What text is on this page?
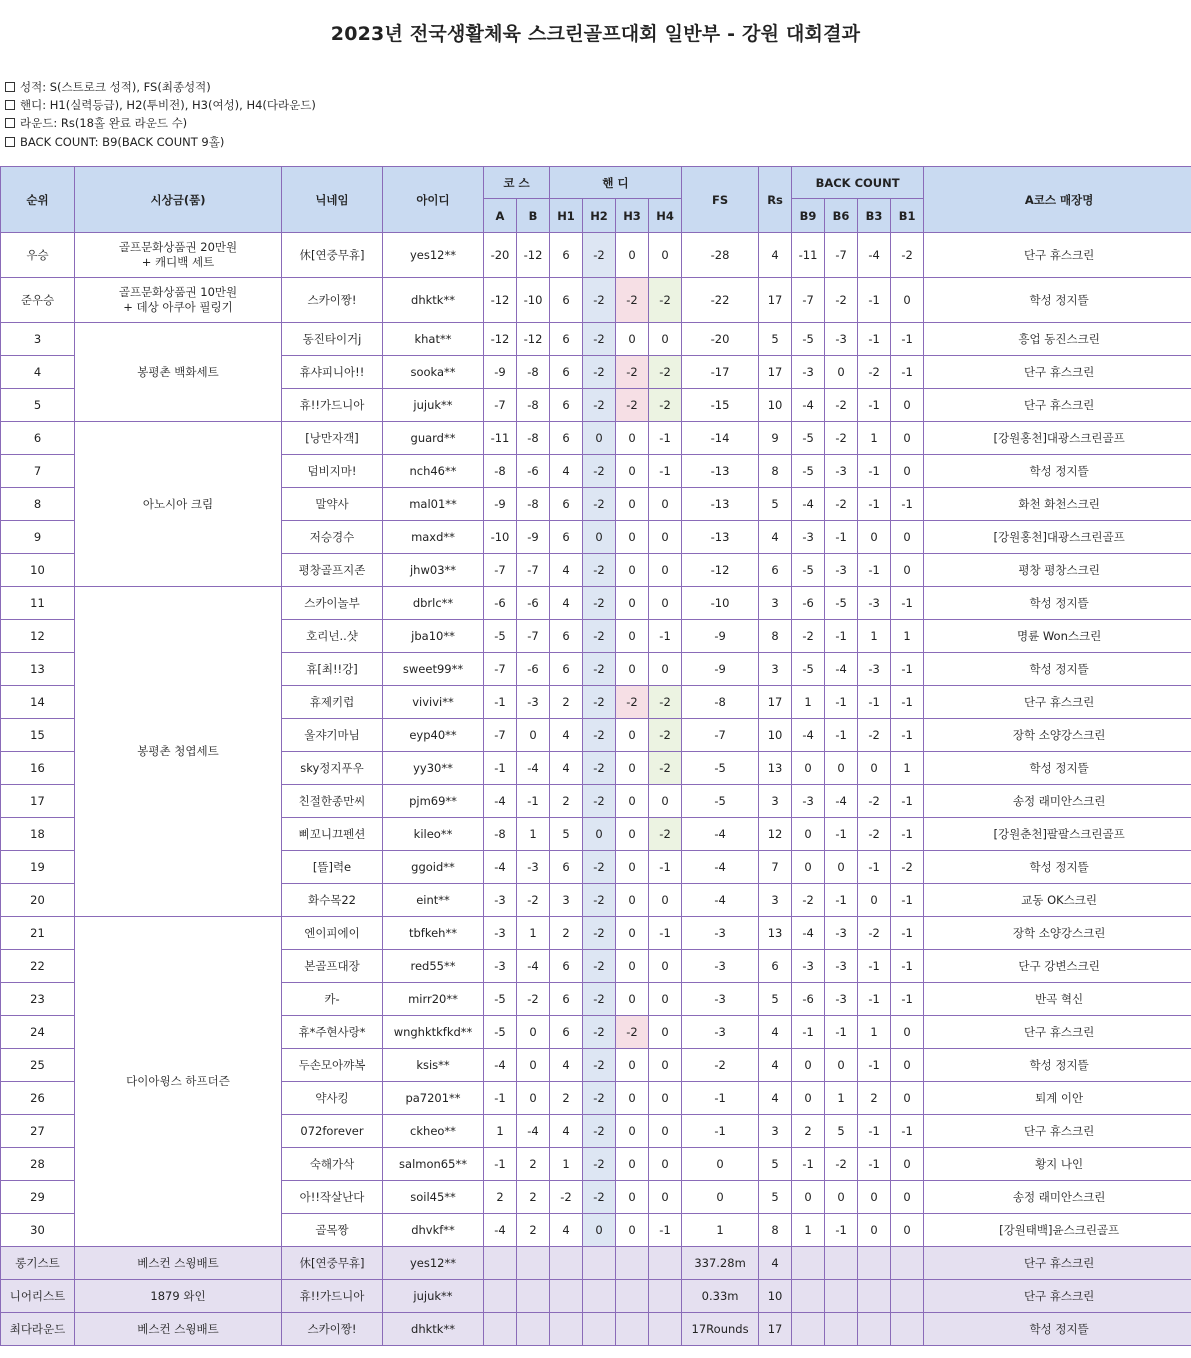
2023년 전국생활체육 스크린골프대회 일반부 - 강원 대회결과
성적: S(스트로크 성적), FS(최종성적)
핸디: H1(실력등급), H2(투비전), H3(여성), H4(다라운드)
라운드: Rs(18홀 완료 라운드 수)
BACK COUNT: B9(BACK COUNT 9홀)
순위	시상금(품)	닉네임	아이디	코 스		핸 디				FS	Rs	BACK COUNT				A코스 매장명
				A	B	H1	H2	H3	H4			B9	B6	B3	B1	
우승	골프문화상품권 20만원
+ 캐디백 세트	休[연중무휴]	yes12**	-20	-12	6	-2	0	0	-28	4	-11	-7	-4	-2	단구 휴스크린
준우승	골프문화상품권 10만원
+ 데상 아쿠아 필링기	스카이짱!	dhktk**	-12	-10	6	-2	-2	-2	-22	17	-7	-2	-1	0	학성 정지뜰
3	봉평촌 백화세트	동진타이거j	khat**	-12	-12	6	-2	0	0	-20	5	-5	-3	-1	-1	흥업 동진스크린
4		휴샤피니아!!	sooka**	-9	-8	6	-2	-2	-2	-17	17	-3	0	-2	-1	단구 휴스크린
5		휴!!가드니아	jujuk**	-7	-8	6	-2	-2	-2	-15	10	-4	-2	-1	0	단구 휴스크린
6	아노시아 크림	[낭만자객]	guard**	-11	-8	6	0	0	-1	-14	9	-5	-2	1	0	[강원홍천]대광스크린골프
7		덤비지마!	nch46**	-8	-6	4	-2	0	-1	-13	8	-5	-3	-1	0	학성 정지뜰
8		말약사	mal01**	-9	-8	6	-2	0	0	-13	5	-4	-2	-1	-1	화천 화천스크린
9		저승경수	maxd**	-10	-9	6	0	0	0	-13	4	-3	-1	0	0	[강원홍천]대광스크린골프
10		평창골프지존	jhw03**	-7	-7	4	-2	0	0	-12	6	-5	-3	-1	0	평창 평창스크린
11	봉평촌 청엽세트	스카이놀부	dbrlc**	-6	-6	4	-2	0	0	-10	3	-6	-5	-3	-1	학성 정지뜰
12		호리넌..샷	jba10**	-5	-7	6	-2	0	-1	-9	8	-2	-1	1	1	명륜 Won스크린
13		휴[최!!강]	sweet99**	-7	-6	6	-2	0	0	-9	3	-5	-4	-3	-1	학성 정지뜰
14		휴제키럽	vivivi**	-1	-3	2	-2	-2	-2	-8	17	1	-1	-1	-1	단구 휴스크린
15		울쟈기마님	eyp40**	-7	0	4	-2	0	-2	-7	10	-4	-1	-2	-1	장학 소양강스크린
16		sky정지푸우	yy30**	-1	-4	4	-2	0	-2	-5	13	0	0	0	1	학성 정지뜰
17		친절한종만씨	pjm69**	-4	-1	2	-2	0	0	-5	3	-3	-4	-2	-1	송정 래미안스크린
18		삐꼬니끄펜션	kileo**	-8	1	5	0	0	-2	-4	12	0	-1	-2	-1	[강원춘천]팔팔스크린골프
19		[뜰]력e	ggoid**	-4	-3	6	-2	0	-1	-4	7	0	0	-1	-2	학성 정지뜰
20		화수목22	eint**	-3	-2	3	-2	0	0	-4	3	-2	-1	0	-1	교동 OK스크린
21	다이아윙스 하프더즌	엔이피에이	tbfkeh**	-3	1	2	-2	0	-1	-3	13	-4	-3	-2	-1	장학 소양강스크린
22		본골프대장	red55**	-3	-4	6	-2	0	0	-3	6	-3	-3	-1	-1	단구 강변스크린
23		카-	mirr20**	-5	-2	6	-2	0	0	-3	5	-6	-3	-1	-1	반곡 혁신
24		휴*주현사랑*	wnghktkfkd**	-5	0	6	-2	-2	0	-3	4	-1	-1	1	0	단구 휴스크린
25		두손모아꺄복	ksis**	-4	0	4	-2	0	0	-2	4	0	0	-1	0	학성 정지뜰
26		약사킹	pa7201**	-1	0	2	-2	0	0	-1	4	0	1	2	0	퇴계 이안
27		072forever	ckheo**	1	-4	4	-2	0	0	-1	3	2	5	-1	-1	단구 휴스크린
28		숙해가삭	salmon65**	-1	2	1	-2	0	0	0	5	-1	-2	-1	0	황지 나인
29		아!!작살난다	soil45**	2	2	-2	-2	0	0	0	5	0	0	0	0	송정 래미안스크린
30		골목짱	dhvkf**	-4	2	4	0	0	-1	1	8	1	-1	0	0	[강원태백]윤스크린골프
롱기스트	베스컨 스윙배트	休[연중무휴]	yes12**							337.28m	4					단구 휴스크린
니어리스트	1879 와인	휴!!가드니아	jujuk**							0.33m	10					단구 휴스크린
최다라운드	베스컨 스윙배트	스카이짱!	dhktk**							17Rounds	17					학성 정지뜰
